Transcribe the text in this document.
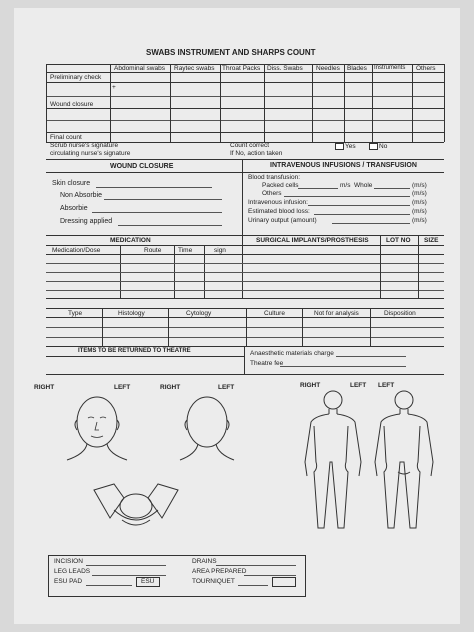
SWABS INSTRUMENT AND SHARPS COUNT
Abdominal swabs Raytec swabs Throat Packs Diss. Swabs Needles Blades Instruments Others
Preliminary check
+
Wound closure
Final count
Scrub nurse's signature
circulating nurse's signature
Count correct
If No, action taken
Yes	No
WOUND CLOSURE
Skin closure
Non Absorbie
Absorbie
Dressing applied
INTRAVENOUS INFUSIONS / TRANSFUSION
Blood transfusion:
Packed cells	m/s Whole	(m/s)
Others	(m/s)
Intravenous infusion:	(m/s)
Estimated blood loss:	(m/s)
Urinary output (amount)	(m/s)
MEDICATION
Medication/Dose	Route	Time	sign
SURGICAL IMPLANTS/PROSTHESIS	LOT NO SIZE
Type	Histology	Cytology	Culture	Not for analysis	Disposition
ITEMS TO BE RETURNED TO THEATRE	Anaesthetic materials charge
Theatre fee
RIGHT	LEFT	RIGHT	LEFT	RIGHT	LEFT LEFT
INCISION
LEG LEADS
ESU PAD	ESU
DRAINS
AREA PREPARED
TOURNIQUET
